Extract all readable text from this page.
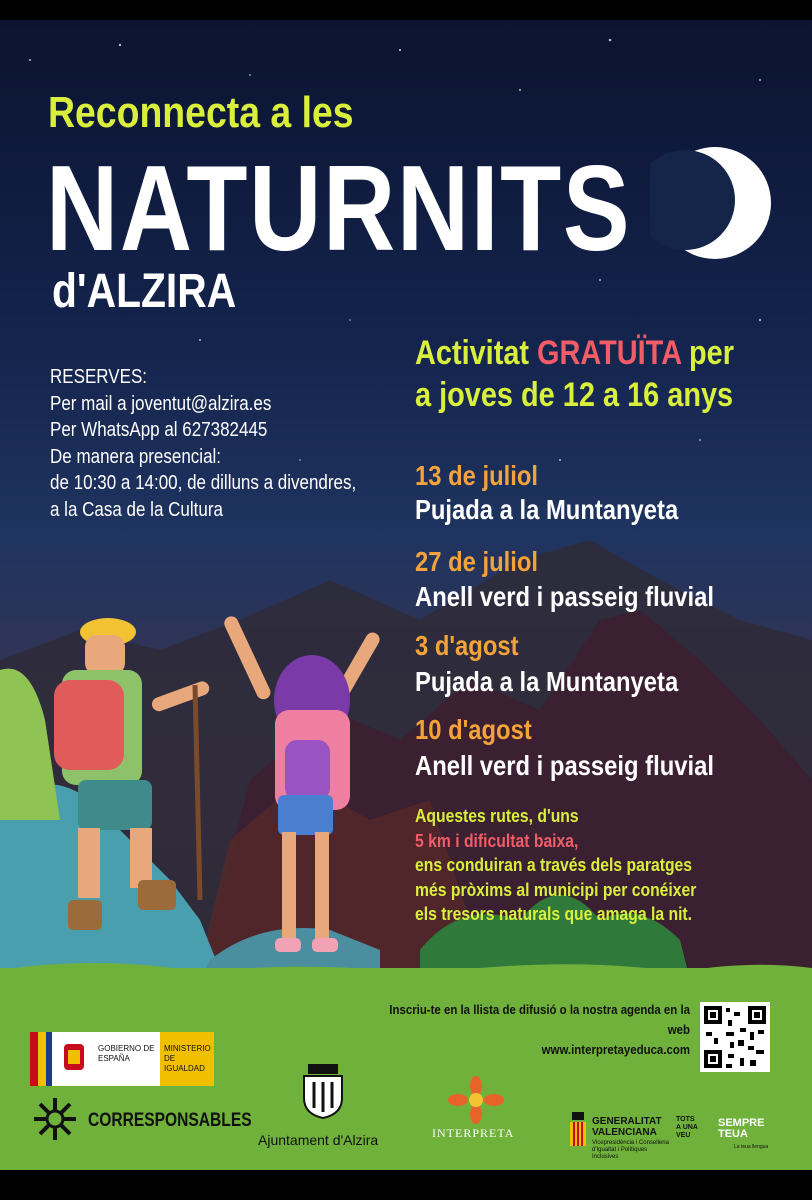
Reconnecta a les
NATURNITS
d'ALZIRA
RESERVES:
Per mail a joventut@alzira.es
Per WhatsApp al 627382445
De manera presencial:
de 10:30 a 14:00, de dilluns a divendres,
a la Casa de la Cultura
Activitat GRATUÏTA per
a joves de 12 a 16 anys
13 de juliol
Pujada a la Muntanyeta
27 de juliol
Anell verd i passeig fluvial
3 d'agost
Pujada a la Muntanyeta
10 d'agost
Anell verd i passeig fluvial
Aquestes rutes, d'uns
5 km i dificultat baixa,
ens conduiran a través dels paratges
més pròxims al municipi per conéixer
els tresors naturals que amaga la nit.
Inscriu-te en la llista de difusió o la nostra agenda en la web
www.interpretayeduca.com
GOBIERNO DE ESPAÑA
MINISTERIO DE IGUALDAD
CORRESPONSABLES
Ajuntament d'Alzira	INTERPRETA
GENERALITAT VALENCIANA
Vicepresidència i Conselleria d'Igualtat i Polítiques Inclusives
TOTS A UNA VEU
SEMPRE TEUA
La teua llengua
